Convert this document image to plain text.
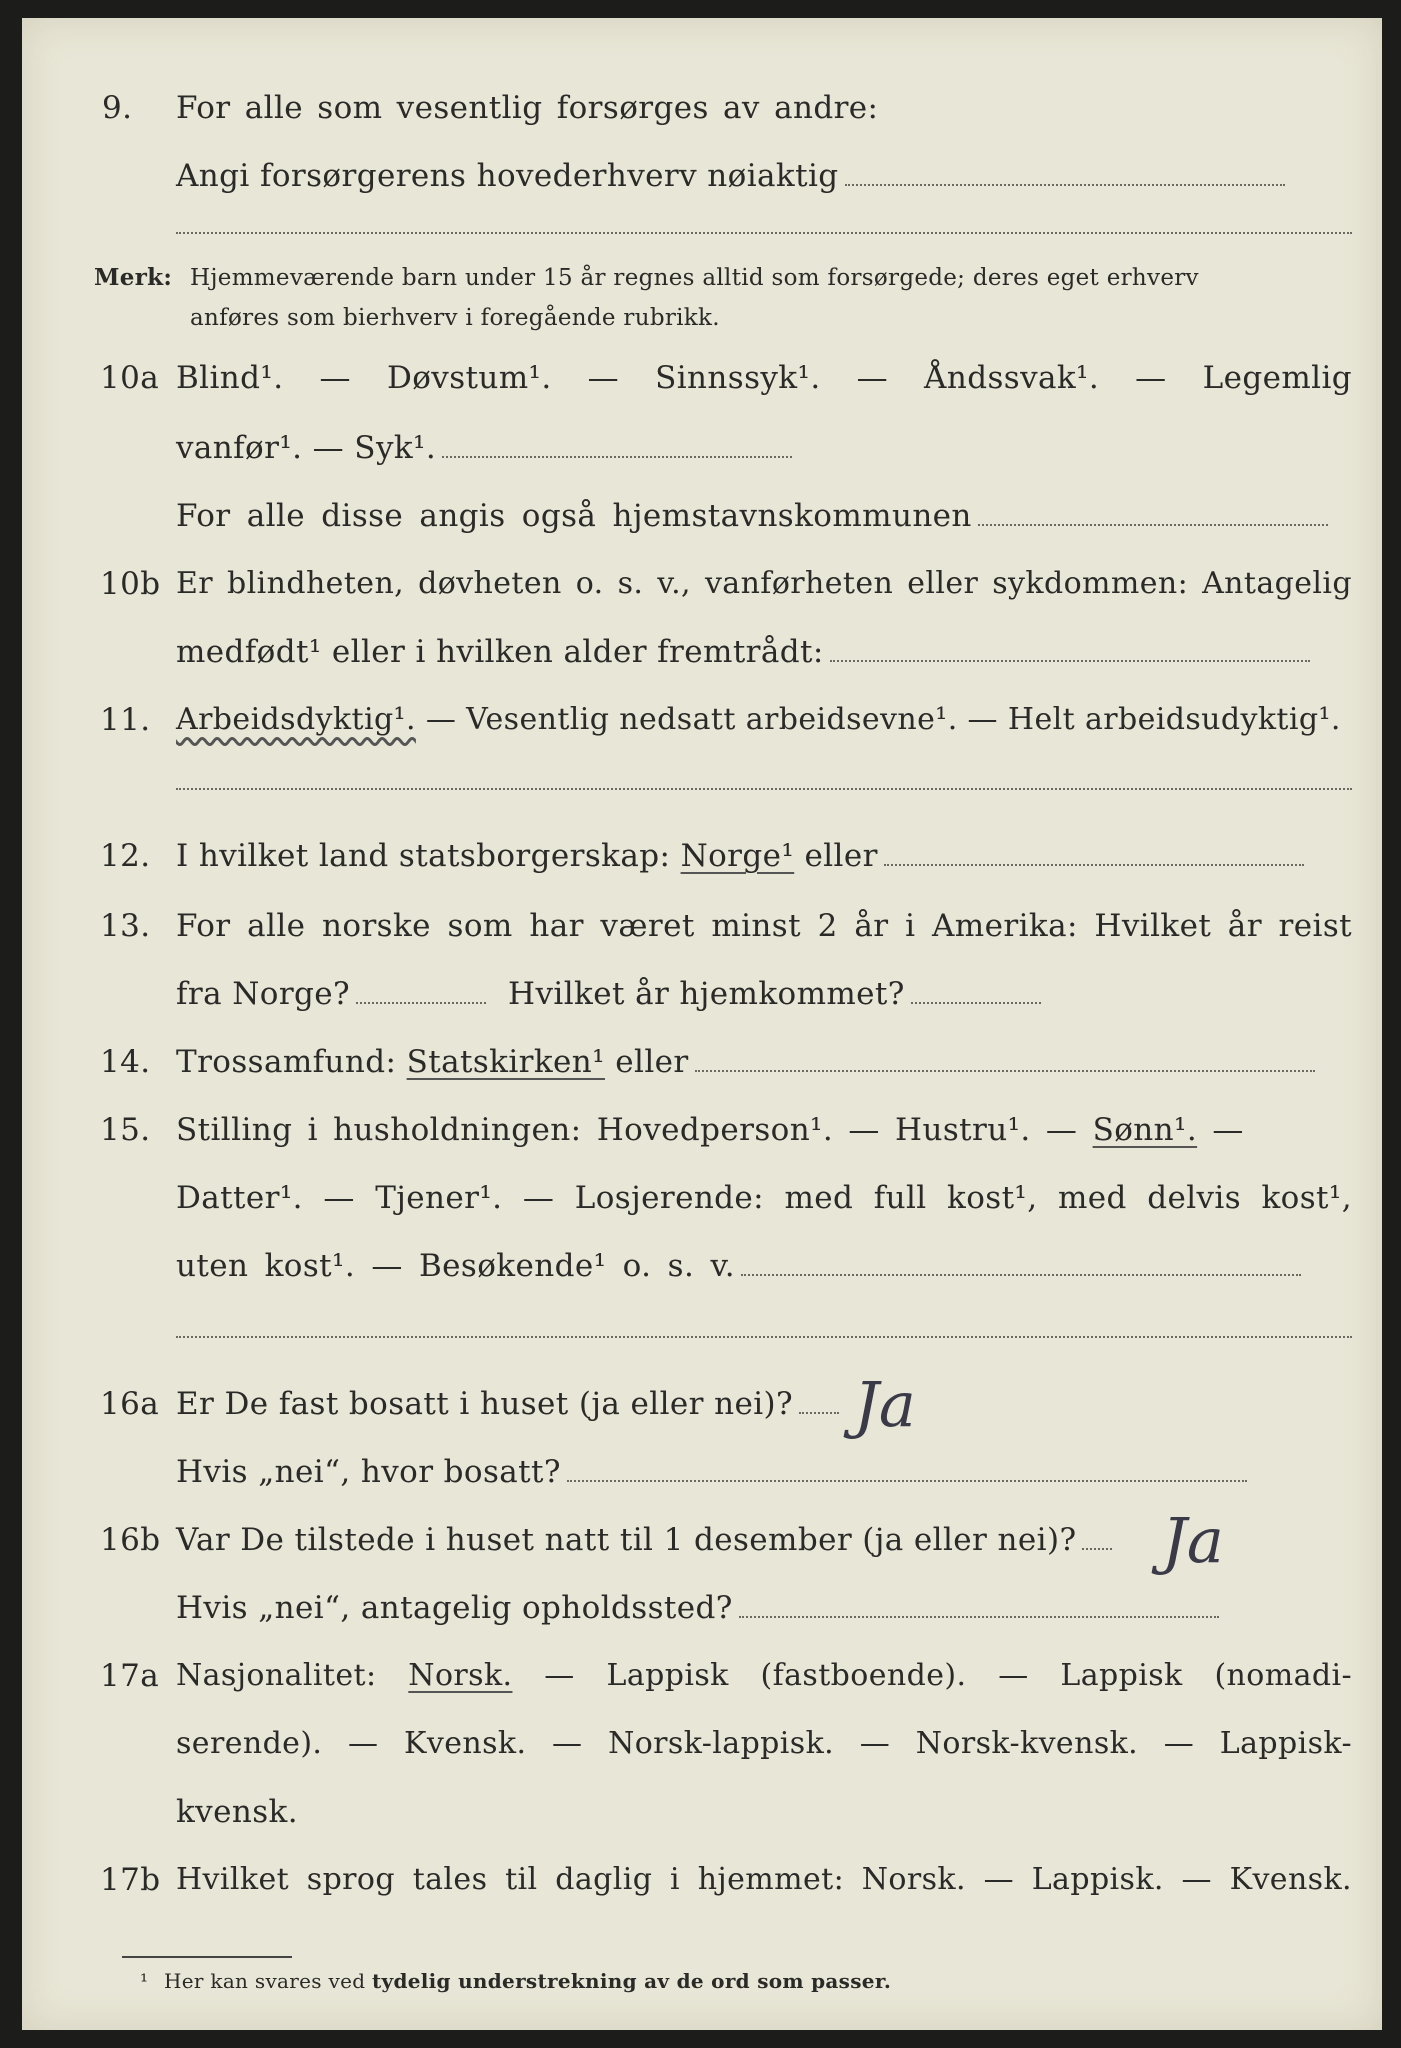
9. For alle som vesentlig forsørges av andre:
Angi forsørgerens hovederhverv nøiaktig
Merk: Hjemmeværende barn under 15 år regnes alltid som forsørgede; deres eget erhverv
anføres som bierhverv i foregående rubrikk.
10a Blind¹. — Døvstum¹. — Sinnssyk¹. — Åndssvak¹. — Legemlig
vanfør¹. — Syk¹.
For alle disse angis også hjemstavnskommunen
10b Er blindheten, døvheten o. s. v., vanførheten eller sykdommen: Antagelig
medfødt¹ eller i hvilken alder fremtrådt:
11. Arbeidsdyktig¹. — Vesentlig nedsatt arbeidsevne¹. — Helt arbeidsudyktig¹.
12. I hvilket land statsborgerskap: Norge¹ eller
13. For alle norske som har været minst 2 år i Amerika: Hvilket år reist
fra Norge?	Hvilket år hjemkommet?
14. Trossamfund: Statskirken¹ eller
15. Stilling i husholdningen: Hovedperson¹. — Hustru¹. — Sønn¹. —
Datter¹. — Tjener¹. — Losjerende: med full kost¹, med delvis kost¹,
uten kost¹. — Besøkende¹ o. s. v.
16a Er De fast bosatt i huset (ja eller nei)? Ja
Hvis „nei“, hvor bosatt?
16b Var De tilstede i huset natt til 1 desember (ja eller nei)?	Ja
Hvis „nei“, antagelig opholdssted?
17a Nasjonalitet: Norsk. — Lappisk (fastboende). — Lappisk (nomadi-
serende). — Kvensk. — Norsk-lappisk. — Norsk-kvensk. — Lappisk-
kvensk.
17b Hvilket sprog tales til daglig i hjemmet: Norsk. — Lappisk. — Kvensk.
¹ Her kan svares ved tydelig understrekning av de ord som passer.
